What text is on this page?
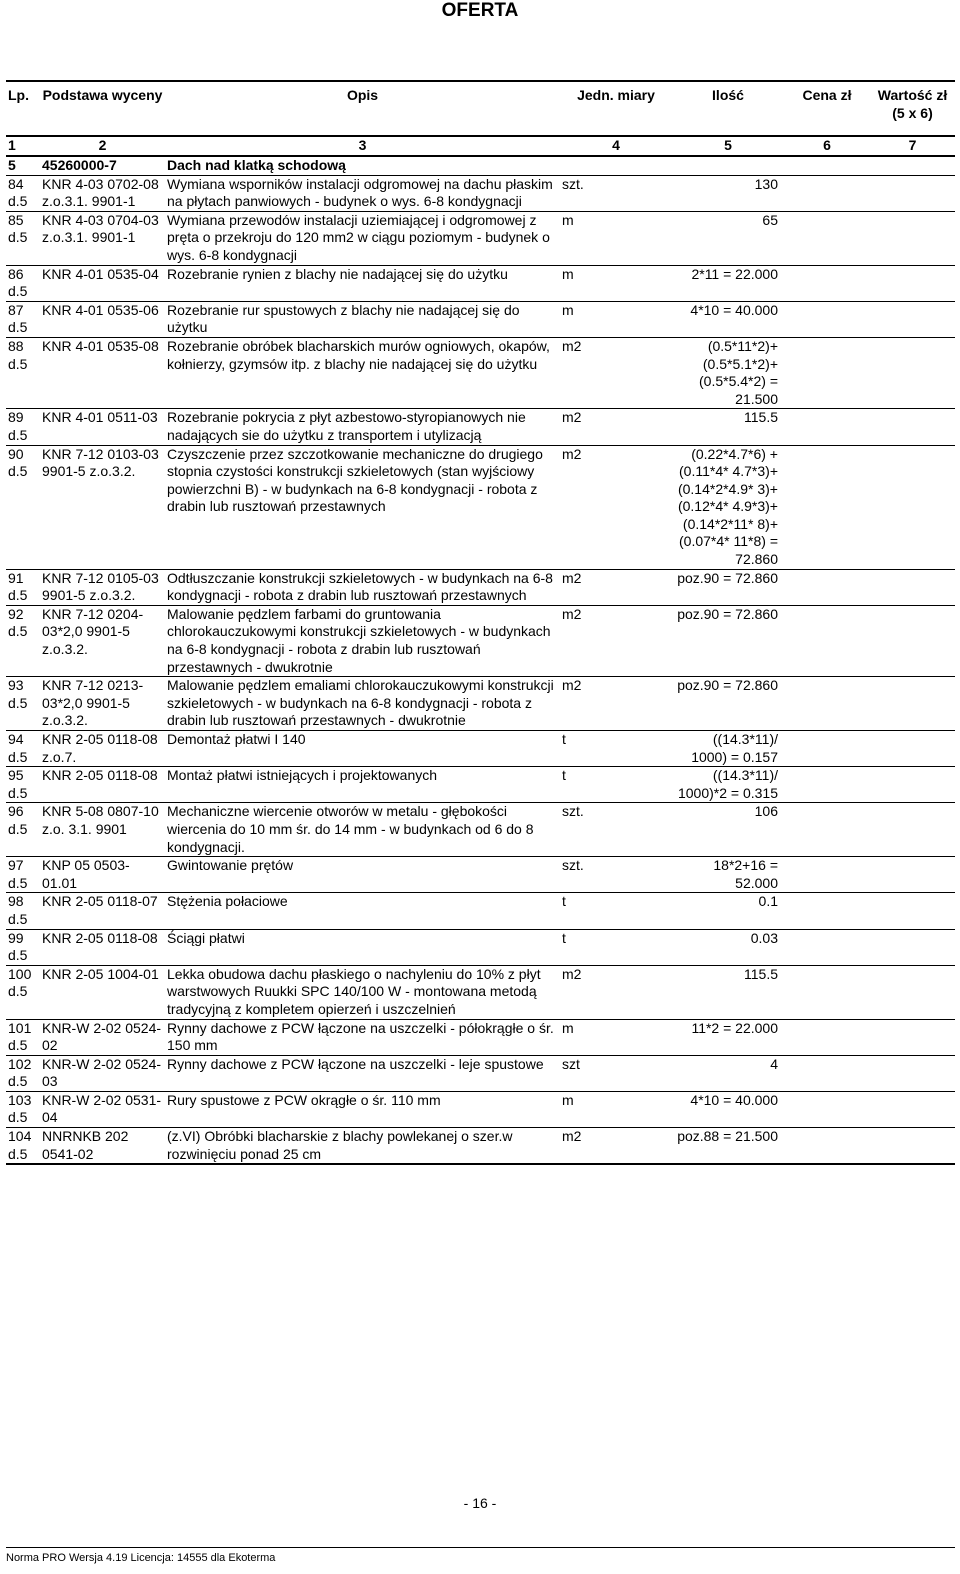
OFERTA
Lp.	Podstawa wyceny	Opis	Jedn. miary	Ilość	Cena zł	Wartość zł (5 x 6)
1	2	3	4	5	6	7
5	45260000-7	Dach nad klatką schodową				
84 d.5	KNR 4-03 0702-08 z.o.3.1. 9901-1	Wymiana wsporników instalacji odgromowej na dachu płaskim na płytach panwiowych - budynek o wys. 6-8 kondygnacji	szt.	130		
85 d.5	KNR 4-03 0704-03 z.o.3.1. 9901-1	Wymiana przewodów instalacji uziemiającej i odgromowej z pręta o przekroju do 120 mm2 w ciągu poziomym - budynek o wys. 6-8 kondygnacji	m	65		
86 d.5	KNR 4-01 0535-04	Rozebranie rynien z blachy nie nadającej się do użytku	m	2*11 = 22.000		
87 d.5	KNR 4-01 0535-06	Rozebranie rur spustowych z blachy nie nadającej się do użytku	m	4*10 = 40.000		
88 d.5	KNR 4-01 0535-08	Rozebranie obróbek blacharskich murów ogniowych, okapów, kołnierzy, gzymsów itp. z blachy nie nadającej się do użytku	m2	(0.5*11*2)+ (0.5*5.1*2)+ (0.5*5.4*2) = 21.500		
89 d.5	KNR 4-01 0511-03	Rozebranie pokrycia z płyt azbestowo-styropianowych nie nadających sie do użytku z transportem i utylizacją	m2	115.5		
90 d.5	KNR 7-12 0103-03 9901-5 z.o.3.2.	Czyszczenie przez szczotkowanie mechaniczne do drugiego stopnia czystości konstrukcji szkieletowych (stan wyjściowy powierzchni B) - w budynkach na 6-8 kondygnacji - robota z drabin lub rusztowań przestawnych	m2	(0.22*4.7*6) +(0.11*4* 4.7*3)+ (0.14*2*4.9* 3)+(0.12*4* 4.9*3)+ (0.14*2*11* 8)+(0.07*4* 11*8) = 72.860		
91 d.5	KNR 7-12 0105-03 9901-5 z.o.3.2.	Odtłuszczanie konstrukcji szkieletowych - w budynkach na 6-8 kondygnacji - robota z drabin lub rusztowań przestawnych	m2	poz.90 = 72.860		
92 d.5	KNR 7-12 0204-03*2,0 9901-5 z.o.3.2.	Malowanie pędzlem farbami do gruntowania chlorokauczukowymi konstrukcji szkieletowych - w budynkach na 6-8 kondygnacji - robota z drabin lub rusztowań przestawnych - dwukrotnie	m2	poz.90 = 72.860		
93 d.5	KNR 7-12 0213-03*2,0 9901-5 z.o.3.2.	Malowanie pędzlem emaliami chlorokauczukowymi konstrukcji szkieletowych - w budynkach na 6-8 kondygnacji - robota z drabin lub rusztowań przestawnych - dwukrotnie	m2	poz.90 = 72.860		
94 d.5	KNR 2-05 0118-08 z.o.7.	Demontaż płatwi I 140	t	((14.3*11)/ 1000) = 0.157		
95 d.5	KNR 2-05 0118-08	Montaż płatwi istniejących i projektowanych	t	((14.3*11)/ 1000)*2 = 0.315		
96 d.5	KNR 5-08 0807-10 z.o. 3.1. 9901	Mechaniczne wiercenie otworów w metalu - głębokości wiercenia do 10 mm śr. do 14 mm - w budynkach od 6 do 8 kondygnacji.	szt.	106		
97 d.5	KNP 05 0503-01.01	Gwintowanie prętów	szt.	18*2+16 = 52.000		
98 d.5	KNR 2-05 0118-07	Stężenia połaciowe	t	0.1		
99 d.5	KNR 2-05 0118-08	Ściągi płatwi	t	0.03		
100 d.5	KNR 2-05 1004-01	Lekka obudowa dachu płaskiego o nachyleniu do 10% z płyt warstwowych Ruukki SPC 140/100 W - montowana metodą tradycyjną z kompletem opierzeń i uszczelnień	m2	115.5		
101 d.5	KNR-W 2-02 0524-02	Rynny dachowe z PCW łączone na uszczelki - półokrągłe o śr. 150 mm	m	11*2 = 22.000		
102 d.5	KNR-W 2-02 0524-03	Rynny dachowe z PCW łączone na uszczelki - leje spustowe	szt	4		
103 d.5	KNR-W 2-02 0531-04	Rury spustowe z PCW okrągłe o śr. 110 mm	m	4*10 = 40.000		
104 d.5	NNRNKB 202 0541-02	(z.VI) Obróbki blacharskie z blachy powlekanej o szer.w rozwinięciu ponad 25 cm	m2	poz.88 = 21.500		
- 16 -
Norma PRO Wersja 4.19 Licencja: 14555 dla Ekoterma
